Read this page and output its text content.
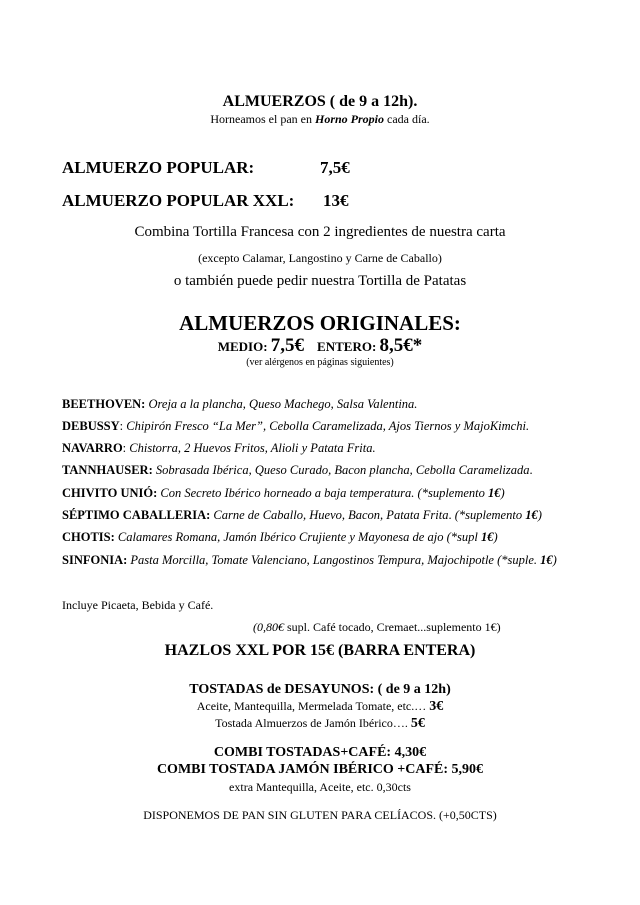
ALMUERZOS ( de 9 a 12h).
Horneamos el pan en Horno Propio cada día.
ALMUERZO POPULAR:	7,5€
ALMUERZO POPULAR XXL: 13€
Combina Tortilla Francesa con 2 ingredientes de nuestra carta
(excepto Calamar, Langostino y Carne de Caballo)
o también puede pedir nuestra Tortilla de Patatas
ALMUERZOS ORIGINALES:
MEDIO: 7,5€ ENTERO: 8,5€*
(ver alérgenos en páginas siguientes)
BEETHOVEN: Oreja a la plancha, Queso Machego, Salsa Valentina.
DEBUSSY: Chipirón Fresco “La Mer”, Cebolla Caramelizada, Ajos Tiernos y MajoKimchi.
NAVARRO: Chistorra, 2 Huevos Fritos, Alioli y Patata Frita.
TANNHAUSER: Sobrasada Ibérica, Queso Curado, Bacon plancha, Cebolla Caramelizada.
CHIVITO UNIÓ: Con Secreto Ibérico horneado a baja temperatura. (*suplemento 1€)
SÉPTIMO CABALLERIA: Carne de Caballo, Huevo, Bacon, Patata Frita. (*suplemento 1€)
CHOTIS: Calamares Romana, Jamón Ibérico Crujiente y Mayonesa de ajo (*supl 1€)
SINFONIA: Pasta Morcilla, Tomate Valenciano, Langostinos Tempura, Majochipotle (*suple. 1€)
Incluye Picaeta, Bebida y Café.
(0,80€ supl. Café tocado, Cremaet...suplemento 1€)
HAZLOS XXL POR 15€ (BARRA ENTERA)
TOSTADAS de DESAYUNOS: ( de 9 a 12h)
Aceite, Mantequilla, Mermelada Tomate, etc.… 3€
Tostada Almuerzos de Jamón Ibérico…. 5€
COMBI TOSTADAS+CAFÉ: 4,30€
COMBI TOSTADA JAMÓN IBÉRICO +CAFÉ: 5,90€
extra Mantequilla, Aceite, etc. 0,30cts
DISPONEMOS DE PAN SIN GLUTEN PARA CELÍACOS. (+0,50CTS)
